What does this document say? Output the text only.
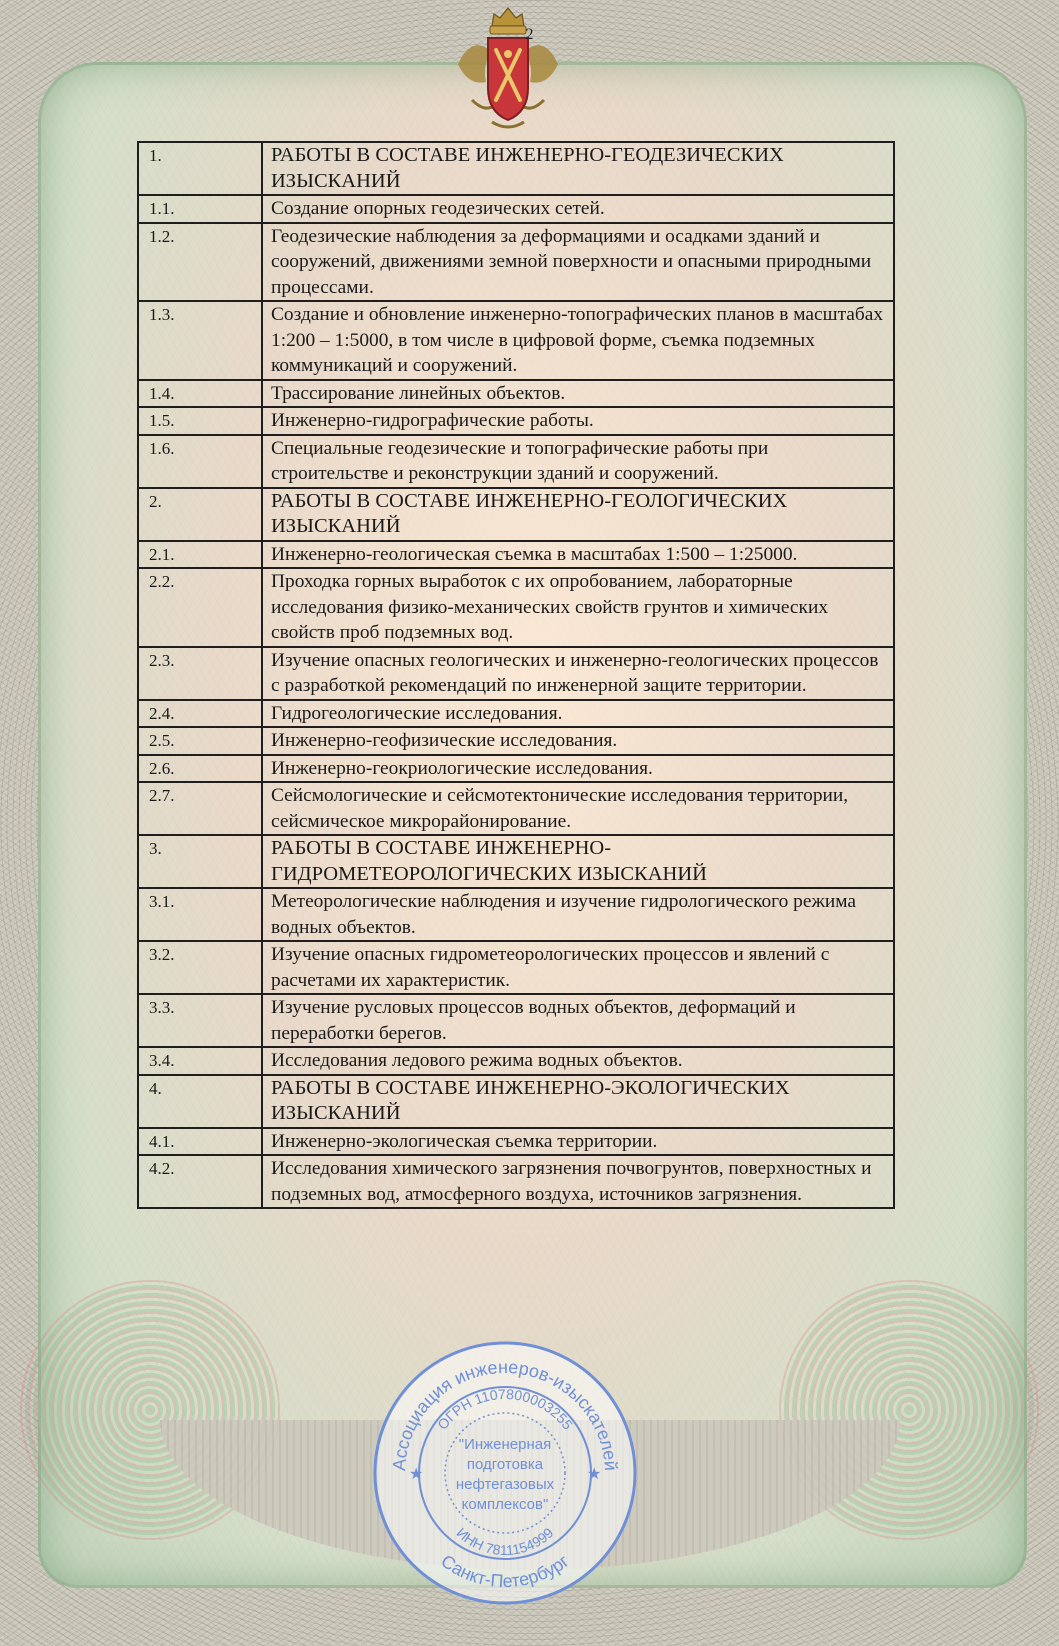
2
1.	РАБОТЫ В СОСТАВЕ ИНЖЕНЕРНО-ГЕОДЕЗИЧЕСКИХ ИЗЫСКАНИЙ
1.1.	Создание опорных геодезических сетей.
1.2.	Геодезические наблюдения за деформациями и осадками зданий и сооружений, движениями земной поверхности и опасными природными процессами.
1.3.	Создание и обновление инженерно-топографических планов в масштабах 1:200 – 1:5000, в том числе в цифровой форме, съемка подземных коммуникаций и сооружений.
1.4.	Трассирование линейных объектов.
1.5.	Инженерно-гидрографические работы.
1.6.	Специальные геодезические и топографические работы при строительстве и реконструкции зданий и сооружений.
2.	РАБОТЫ В СОСТАВЕ ИНЖЕНЕРНО-ГЕОЛОГИЧЕСКИХ ИЗЫСКАНИЙ
2.1.	Инженерно-геологическая съемка в масштабах 1:500 – 1:25000.
2.2.	Проходка горных выработок с их опробованием, лабораторные исследования физико-механических свойств грунтов и химических свойств проб подземных вод.
2.3.	Изучение опасных геологических и инженерно-геологических процессов с разработкой рекомендаций по инженерной защите территории.
2.4.	Гидрогеологические исследования.
2.5.	Инженерно-геофизические исследования.
2.6.	Инженерно-геокриологические исследования.
2.7.	Сейсмологические и сейсмотектонические исследования территории, сейсмическое микрорайонирование.
3.	РАБОТЫ В СОСТАВЕ ИНЖЕНЕРНО-ГИДРОМЕТЕОРОЛОГИЧЕСКИХ ИЗЫСКАНИЙ
3.1.	Метеорологические наблюдения и изучение гидрологического режима водных объектов.
3.2.	Изучение опасных гидрометеорологических процессов и явлений с расчетами их характеристик.
3.3.	Изучение русловых процессов водных объектов, деформаций и переработки берегов.
3.4.	Исследования ледового режима водных объектов.
4.	РАБОТЫ В СОСТАВЕ ИНЖЕНЕРНО-ЭКОЛОГИЧЕСКИХ ИЗЫСКАНИЙ
4.1.	Инженерно-экологическая съемка территории.
4.2.	Исследования химического загрязнения почвогрунтов, поверхностных и подземных вод, атмосферного воздуха, источников загрязнения.
Ассоциация инженеров-изыскателей
ОГРН 1107800003255
ИНН 7811154999
Санкт-Петербург
"Инженерная
подготовка
нефтегазовых
комплексов"
★	★
